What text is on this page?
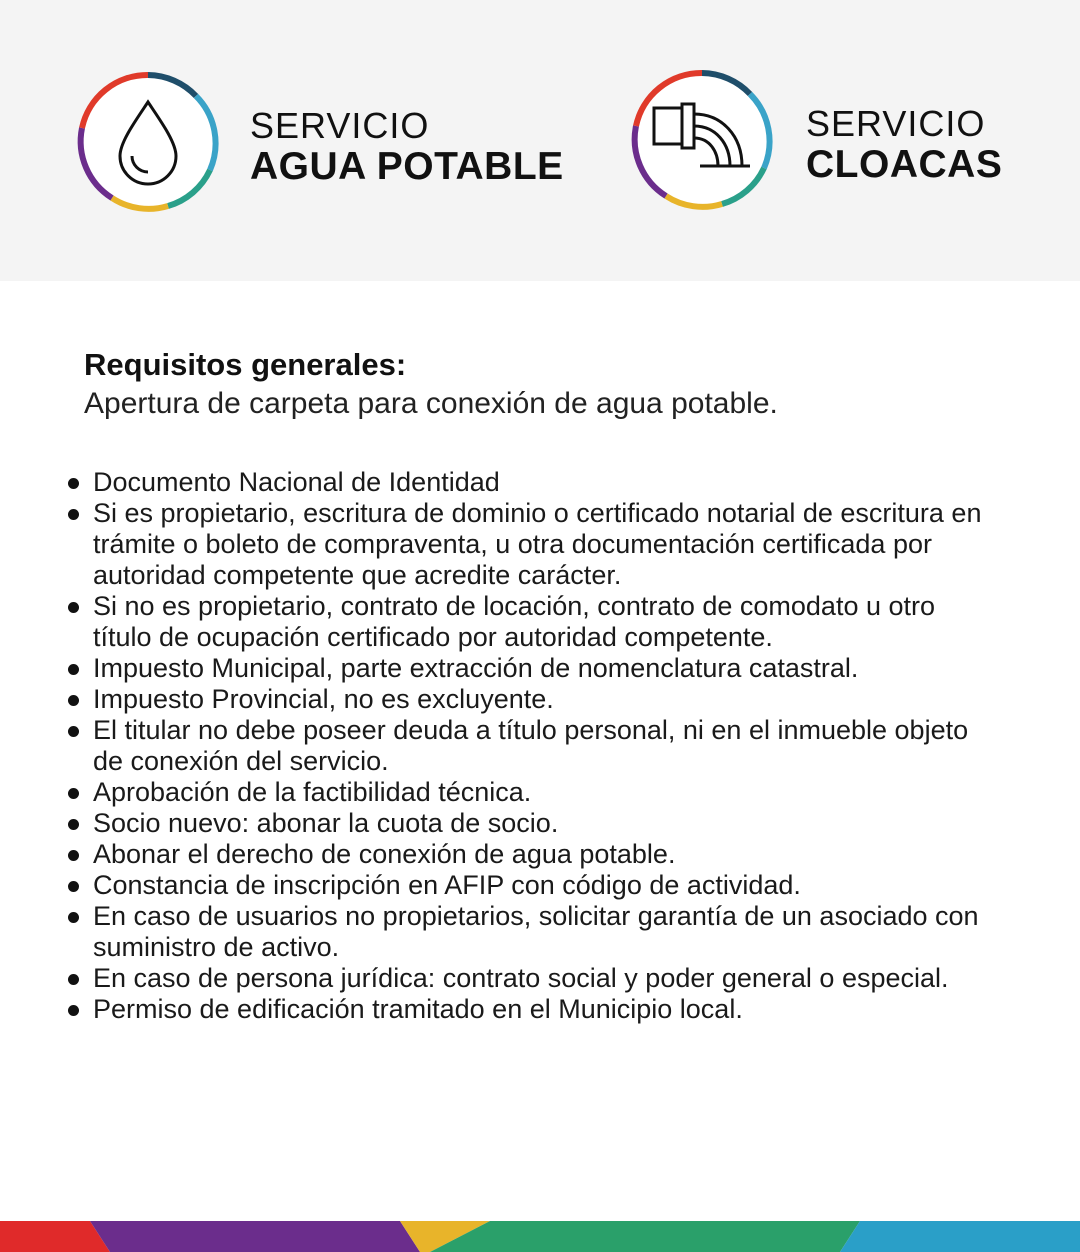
SERVICIO
AGUA POTABLE
SERVICIO
CLOACAS
Requisitos generales:
Apertura de carpeta para conexión de agua potable.
Documento Nacional de Identidad
Si es propietario, escritura de dominio o certificado notarial de escritura en trámite o boleto de compraventa, u otra documentación certificada por autoridad competente que acredite carácter.
Si no es propietario, contrato de locación, contrato de comodato u otro título de ocupación certificado por autoridad competente.
Impuesto Municipal, parte extracción de nomenclatura catastral.
Impuesto Provincial, no es excluyente.
El titular no debe poseer deuda a título personal, ni en el inmueble objeto de conexión del servicio.
Aprobación de la factibilidad técnica.
Socio nuevo: abonar la cuota de socio.
Abonar el derecho de conexión de agua potable.
Constancia de inscripción en AFIP con código de actividad.
En caso de usuarios no propietarios, solicitar garantía de un asociado con suministro de activo.
En caso de persona jurídica: contrato social y poder general o especial.
Permiso de edificación tramitado en el Municipio local.
